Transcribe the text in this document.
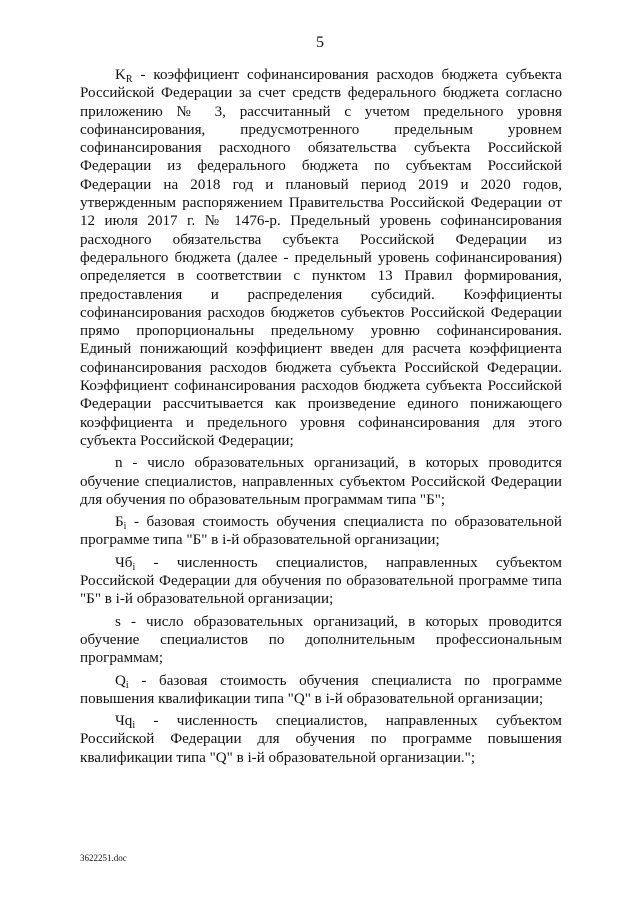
5

$K_R$ - коэффициент софинансирования расходов бюджета субъекта Российской Федерации за счет средств федерального бюджета согласно приложению № 3, рассчитанный с учетом предельного уровня софинансирования, предусмотренного предельным уровнем софинансирования расходного обязательства субъекта Российской Федерации из федерального бюджета по субъектам Российской Федерации на 2018 год и плановый период 2019 и 2020 годов, утвержденным распоряжением Правительства Российской Федерации от 12 июля 2017 г. № 1476-р. Предельный уровень софинансирования расходного обязательства субъекта Российской Федерации из федерального бюджета (далее - предельный уровень софинансирования) определяется в соответствии с пунктом 13 Правил формирования, предоставления и распределения субсидий. Коэффициенты софинансирования расходов бюджетов субъектов Российской Федерации прямо пропорциональны предельному уровню софинансирования. Единый понижающий коэффициент введен для расчета коэффициента софинансирования расходов бюджета субъекта Российской Федерации. Коэффициент софинансирования расходов бюджета субъекта Российской Федерации рассчитывается как произведение единого понижающего коэффициента и предельного уровня софинансирования для этого субъекта Российской Федерации;

n - число образовательных организаций, в которых проводится обучение специалистов, направленных субъектом Российской Федерации для обучения по образовательным программам типа "Б";

$Б_i$ - базовая стоимость обучения специалиста по образовательной программе типа "Б" в i-й образовательной организации;

$Чб_i$ - численность специалистов, направленных субъектом Российской Федерации для обучения по образовательной программе типа "Б" в i-й образовательной организации;

s - число образовательных организаций, в которых проводится обучение специалистов по дополнительным профессиональным программам;

$Q_i$ - базовая стоимость обучения специалиста по программе повышения квалификации типа "Q" в i-й образовательной организации;

$Чq_i$ - численность специалистов, направленных субъектом Российской Федерации для обучения по программе повышения квалификации типа "Q" в i-й образовательной организации.";

3622251.doc
